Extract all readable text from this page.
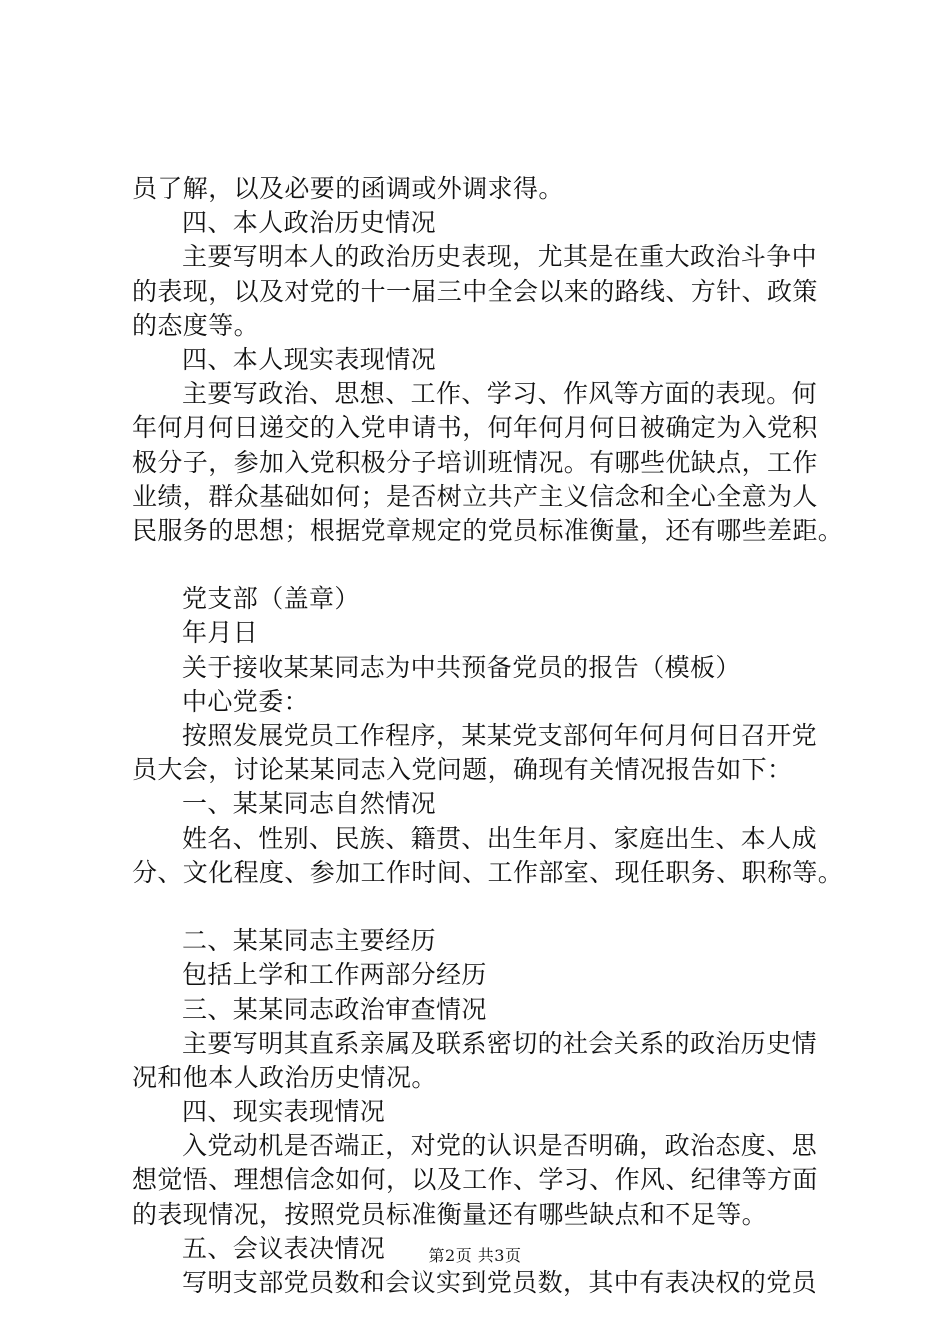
员了解，以及必要的函调或外调求得。
四、本人政治历史情况
主要写明本人的政治历史表现，尤其是在重大政治斗争中
的表现，以及对党的十一届三中全会以来的路线、方针、政策
的态度等。
四、本人现实表现情况
主要写政治、思想、工作、学习、作风等方面的表现。何
年何月何日递交的入党申请书，何年何月何日被确定为入党积
极分子，参加入党积极分子培训班情况。有哪些优缺点，工作
业绩，群众基础如何；是否树立共产主义信念和全心全意为人
民服务的思想；根据党章规定的党员标准衡量，还有哪些差距。
党支部（盖章）
年月日
关于接收某某同志为中共预备党员的报告（模板）
中心党委：
按照发展党员工作程序，某某党支部何年何月何日召开党
员大会，讨论某某同志入党问题，确现有关情况报告如下：
一、某某同志自然情况
姓名、性别、民族、籍贯、出生年月、家庭出生、本人成
分、文化程度、参加工作时间、工作部室、现任职务、职称等。
二、某某同志主要经历
包括上学和工作两部分经历
三、某某同志政治审查情况
主要写明其直系亲属及联系密切的社会关系的政治历史情
况和他本人政治历史情况。
四、现实表现情况
入党动机是否端正，对党的认识是否明确，政治态度、思
想觉悟、理想信念如何，以及工作、学习、作风、纪律等方面
的表现情况，按照党员标准衡量还有哪些缺点和不足等。
五、会议表决情况
写明支部党员数和会议实到党员数，其中有表决权的党员
第2页 共3页
